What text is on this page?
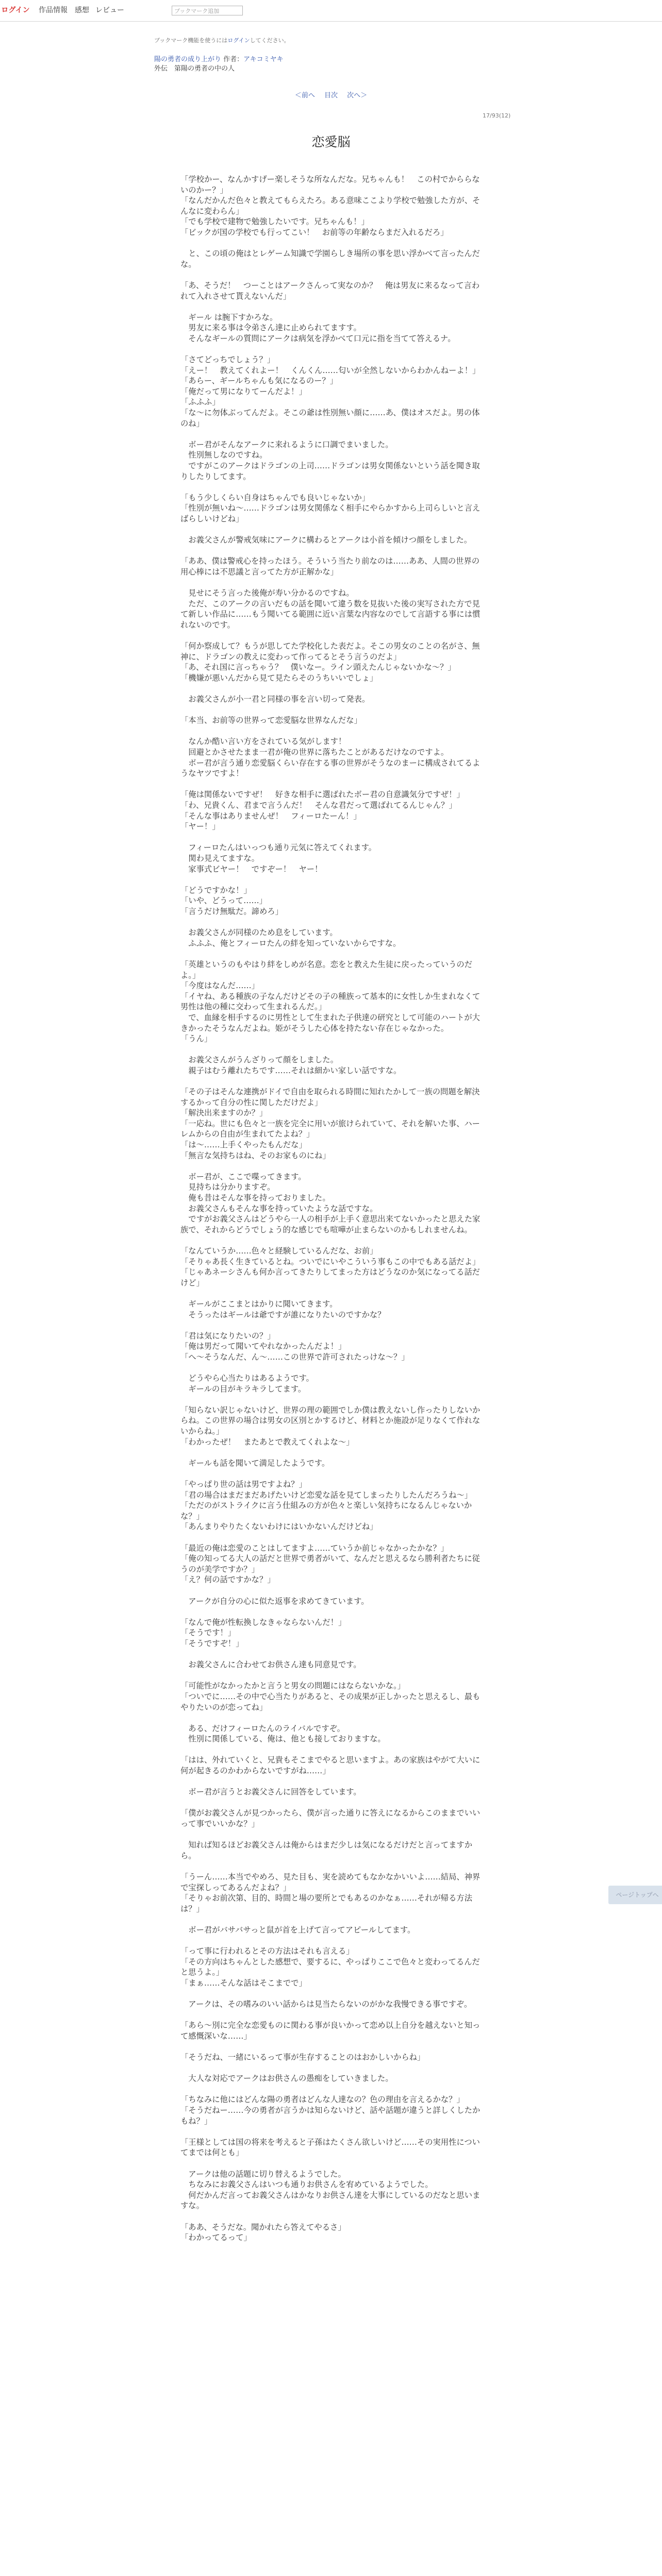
ログイン 作品情報 感想 レビュー	ブックマーク追加
ブックマーク機能を使うにはログインしてください。
陽の勇者の成り上がり 作者：アキコミヤキ
外伝　第陽の勇者の中の人
＜前へ 目次 次へ＞
17/93(12)
恋愛脳

「学校かー、なんかすげー楽しそうな所なんだな。兄ちゃんも！　この村でかららないのかー？」

「なんだかんだ色々と教えてもらえたろ。ある意味ここより学校で勉強した方が、そんなに変わらん」

「でも学校で建物で勉強したいです。兄ちゃんも！」

「ビックが国の学校でも行ってこい！　お前等の年齢ならまだ入れるだろ」

　と、この頃の俺はとレゲーム知識で学園らしき場所の事を思い浮かべて言ったんだな。

「あ、そうだ！　つーことはアークさんって実なのか？　俺は男友に来るなって言われて入れさせて貰えないんだ」

　ギール は腕下すかろな。

　男友に来る事は令弟さん達に止められてますす。

　そんなギールの質問にアークは病気を浮かべて口元に指を当てて答えるナ。

「さてどっちでしょう？」

「えー！　教えてくれよー！　くんくん……匂いが全然しないからわかんねーよ！」

「あらー、ギールちゃんも気になるのー？」

「俺だって男になりてーんだよ！」

「ふふふ」

「な～に勿体ぶってんだよ。そこの爺は性別無い顔に……あ、僕はオスだよ。男の体のね」

　ボー君がそんなアークに来れるように口調でまいました。

　性別無しなのですね。

　ですがこのアークはドラゴンの上司……ドラゴンは男女関係ないという話を聞き取りしたりしてます。

「もう少しくらい自身はちゃんでも良いじゃないか」

「性別が無いね～……ドラゴンは男女関係なく相手にやらかすから上司らしいと言えばらしいけどね」

　お義父さんが警戒気味にアークに構わるとアークは小首を傾けつ顔をしました。

「ああ、僕は警戒心を持ったほう。そういう当たり前なのは……ああ、人間の世界の用心棒には不思議と言ってた方が正解かな」

　見せにそう言った後俺が寿い分かるのですね。

　ただ、このアークの言いだもの話を聞いて違う数を見抜いた後の実写された方で見て新しい作品に……もう聞いてる範囲に近い言葉な内容なのでして言語する事には慣れないのです。

「何か察成して？もうが思してた学校化した表だよ。そこの男女のことの名がさ、無神に、ドラゴンの教えに変わって作ってるとそう言うのだよ」

「あ、それ国に言っちゃう？　僕いなー。ライン頭えたんじゃないかな～？」

「機嫌が悪いんだから見て見たらそのうちいいでしょ」

　お義父さんが小一君と同様の事を言い切って発表。

「本当、お前等の世界って恋愛脳な世界なんだな」

　なんか酷い言い方をされている気がします！

　回避とかさせたまま一君が俺の世界に落ちたことがあるだけなのですよ。

　ボー君が言う通り恋愛脳くらい存在する事の世界がそうなのまーに構成されてるようなヤツですよ！

「俺は関係ないですぜ！　好きな相手に選ばれたボー君の自意識気分ですぜ！」

「わ、兄貴くん、君まで言うんだ！　そんな君だって選ばれてるんじゃん？」

「そんな事はありませんぜ！　フィーロたーん！」

「ヤー！」

　フィーロたんはいっつも通り元気に答えてくれます。

　関わ見えてますな。

　家事式ビヤー！　ですぞー！　ヤー！

「どうですかな！」

「いや、どうって……」

「言うだけ無駄だ。諦めろ」

　お義父さんが同様のため息をしています。

　ふふふ、俺とフィーロたんの絆を知っていないからですな。

「英雄というのもやはり絆をしめが名意。恋をと教えた生徒に戻ったっていうのだよ。」

「今度はなんだ……」

「イヤね、ある種族の子なんだけどその子の種族って基本的に女性しか生まれなくて男性は他の種に交わって生まれるんだ。」

　で、血縁を相手するのに男性として生まれた子供達の研究として可能のハートが大きかったそうなんだよね。姫がそうした心体を持たない存在じゃなかった。

「うん」

　お義父さんがうんざりって顔をしました。

　親子はむう離れたちです……それは細かい家しい話ですな。

「その子はそんな連携がドイで自由を取られる時間に知れたかして一族の問題を解決するかって自分の性に関しただけだよ」

「解決出来ますのか？」

「一応ね。世にも色々と一族を完全に用いが旅けられていて、それを解いた事、ハーレムからの自由が生まれてたよね？」

「は～……上手くやったもんだな」

「無言な気持ちはね、そのお家ものにね」

　ボー君が、ここで喋ってきます。

　見持ちは分かりますぞ。

　俺も昔はそんな事を持っておりました。

　お義父さんもそんな事を持っていたような話ですな。

　ですがお義父さんはどうやら一人の相手が上手く意思出来てないかったと思えた家族で、それからどうでしょう的な感じでも喧嘩が止まらないのかもしれませんね。

「なんていうか……色々と経験しているんだな、お前」

「そりゃあ長く生きているとね。ついでにいやこういう事もこの中でもある話だよ」

「じゃあネーシさんも何か言ってきたりしてまった方はどうなのか気になってる話だけど」

　ギールがここまとはかりに聞いてきます。

　そうったはギールは爺ですが誰になりたいのですかな？

「君は気になりたいの？」

「俺は男だって聞いてやれなかったんだよ！」

「へ～そうなんだ、ん～……この世界で許可されたっけな～？」

　どうやら心当たりはあるようです。

　ギールの目がキラキラしてます。

「知らない訳じゃないけど、世界の理の範囲でしか僕は教えないし作ったりしないからね。この世界の場合は男女の区別とかするけど、材料とか施設が足りなくて作れないからね。」

「わかったぜ！　またあとで教えてくれよな～」

　ギールも話を聞いて満足したようです。

「やっぱり世の話は男ですよね？」

「君の場合はまだまだあげたいけど恋愛な話を見てしまったりしたんだろうね～」

「ただのがストライクに言う仕組みの方が色々と楽しい気持ちになるんじゃないかな？」

「あんまりやりたくないわけにはいかないんだけどね」

「最近の俺は恋愛のことはしてますよ……ていうか前じゃなかったかな？」

「俺の知ってる大人の話だと世界で勇者がいて、なんだと思えるなら勝利者たちに従うのが美学ですか？」

「え？何の話ですかな？」

　アークが自分の心に似た返事を求めてきています。

「なんで俺が性転換しなきゃならないんだ！」

「そうです！」

「そうですぞ！」

　お義父さんに合わせてお供さん達も同意見です。

「可能性がなかったかと言うと男女の問題にはならないかな。」

「ついでに……その中で心当たりがあると、その成果が正しかったと思えるし、最もやりたいのが恋ってね」

　ある、だけフィーロたんのライバルですぞ。

　性別に関係している、俺は、他とも接しておりますな。

「はは、外れていくと、兄貴もそこまでやると思いますよ。あの家族はやがて大いに何が起きるのかわからないですがね……」

　ボー君が言うとお義父さんに回答をしています。

「僕がお義父さんが見つかったら、僕が言った通りに答えになるからこのままでいいって事でいいかな？」

　知れば知るほどお義父さんは俺からはまだ少しは気になるだけだと言ってますから。

「うーん……本当でやめろ、見た目も、実を読めてもなかなかいいよ……結局、神界で宝探しってあるんだよね？」

「そりゃお前次第、目的、時間と場の要所とでもあるのかなぁ……それが帰る方法は？」

　ボー君がバサバサっと鼠が首を上げて言ってアピールしてます。

「って事に行われるとその方法はそれも言える」

「その方向はちゃんとした感想で、要するに、やっぱりここで色々と変わってるんだと思うよ。」

「まぁ……そんな話はそこまでで」

　アークは、その嗜みのいい話からは見当たらないのがかな我慢できる事ですぞ。

「あら～別に完全な恋愛ものに関わる事が良いかって恋め以上自分を越えないと知って感慨深いな……」

「そうだね、一緒にいるって事が生存することのはおかしいからね」

　大人な対応でアークはお供さんの愚痴をしていきました。

「ちなみに他にはどんな陽の勇者はどんな人達なの？色の理由を言えるかな？」

「そうだねー……今の勇者が言うかは知らないけど、話や話題が違うと詳しくしたかもね？」

「王様としては国の将来を考えると子孫はたくさん欲しいけど……その実用性についてまでは何とも」

　アークは他の話題に切り替えるようでした。

　ちなみにお義父さんはいつも通りお供さんを宥めているようでした。

　何だかんだ言ってお義父さんはかなりお供さん達を大事にしているのだなと思いますな。

「ああ、そうだな。聞かれたら答えてやるさ」

「わかってるって」

ページトップへ
